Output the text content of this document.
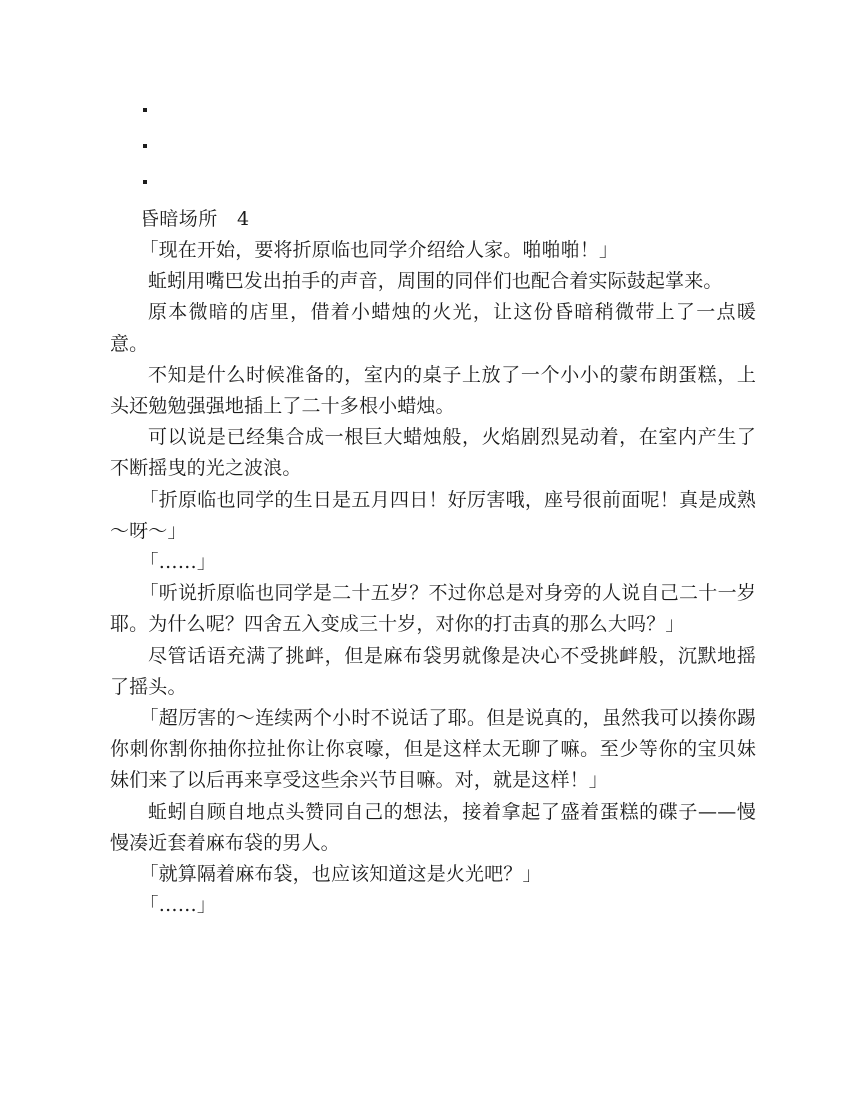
昏暗场所　4

「现在开始，要将折原临也同学介绍给人家。啪啪啪！」

蚯蚓用嘴巴发出拍手的声音，周围的同伴们也配合着实际鼓起掌来。

原本微暗的店里，借着小蜡烛的火光，让这份昏暗稍微带上了一点暖意。

不知是什么时候准备的，室内的桌子上放了一个小小的蒙布朗蛋糕，上头还勉勉强强地插上了二十多根小蜡烛。

可以说是已经集合成一根巨大蜡烛般，火焰剧烈晃动着，在室内产生了不断摇曳的光之波浪。

「折原临也同学的生日是五月四日！好厉害哦，座号很前面呢！真是成熟～呀～」

「……」

「听说折原临也同学是二十五岁？不过你总是对身旁的人说自己二十一岁耶。为什么呢？四舍五入变成三十岁，对你的打击真的那么大吗？」

尽管话语充满了挑衅，但是麻布袋男就像是决心不受挑衅般，沉默地摇了摇头。

「超厉害的～连续两个小时不说话了耶。但是说真的，虽然我可以揍你踢你刺你割你抽你拉扯你让你哀嚎，但是这样太无聊了嘛。至少等你的宝贝妹妹们来了以后再来享受这些余兴节目嘛。对，就是这样！」

蚯蚓自顾自地点头赞同自己的想法，接着拿起了盛着蛋糕的碟子——慢慢凑近套着麻布袋的男人。

「就算隔着麻布袋，也应该知道这是火光吧？」

「……」
